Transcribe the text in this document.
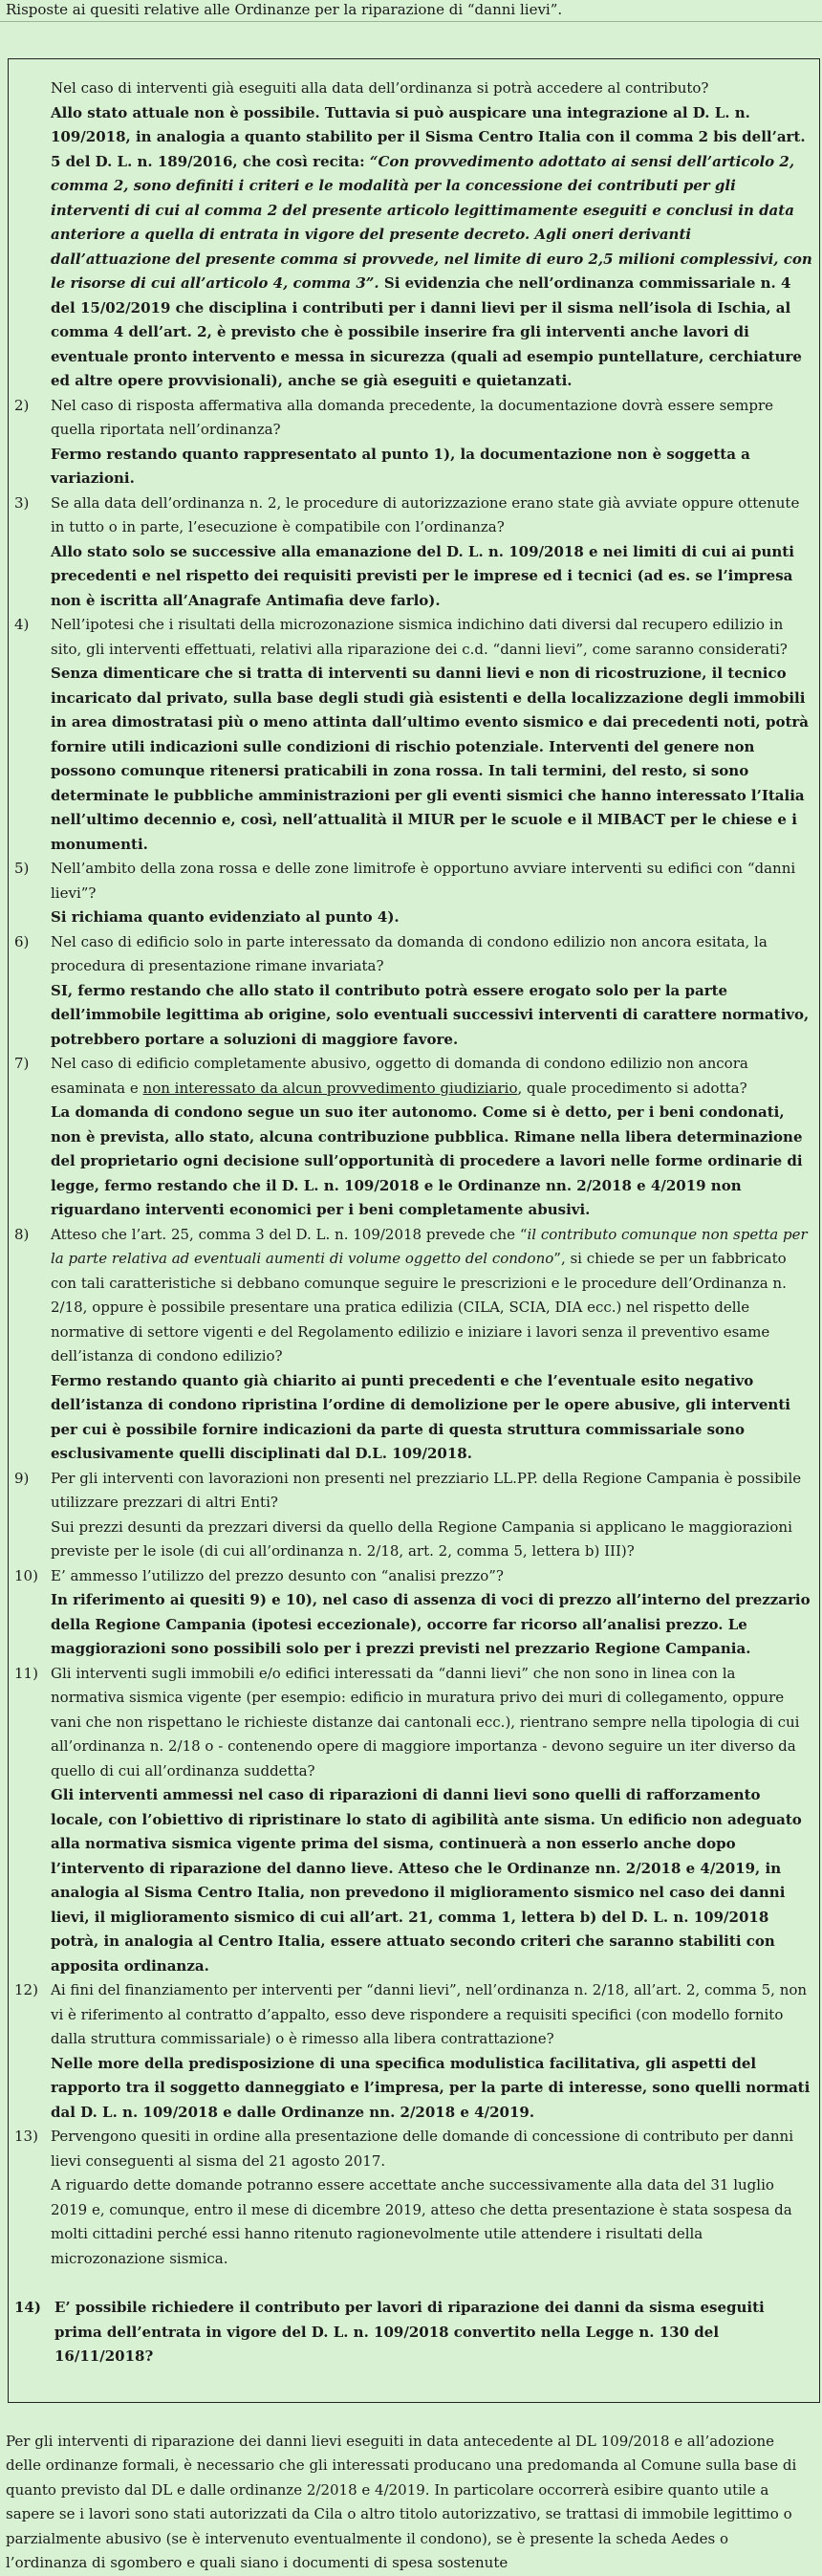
Risposte ai quesiti relative alle Ordinanze per la riparazione di “danni lievi”.

Nel caso di interventi già eseguiti alla data dell’ordinanza si potrà accedere al contributo?

Allo stato attuale non è possibile. Tuttavia si può auspicare una integrazione al D. L. n. 109/2018, in analogia a quanto stabilito per il Sisma Centro Italia con il comma 2 bis dell’art. 5 del D. L. n. 189/2016, che così recita: “Con provvedimento adottato ai sensi dell’articolo 2, comma 2, sono definiti i criteri e le modalità per la concessione dei contributi per gli interventi di cui al comma 2 del presente articolo legittimamente eseguiti e conclusi in data anteriore a quella di entrata in vigore del presente decreto. Agli oneri derivanti dall’attuazione del presente comma si provvede, nel limite di euro 2,5 milioni complessivi, con le risorse di cui all’articolo 4, comma 3”. Si evidenzia che nell’ordinanza commissariale n. 4 del 15/02/2019 che disciplina i contributi per i danni lievi per il sisma nell’isola di Ischia, al comma 4 dell’art. 2, è previsto che è possibile inserire fra gli interventi anche lavori di eventuale pronto intervento e messa in sicurezza (quali ad esempio puntellature, cerchiature ed altre opere provvisionali), anche se già eseguiti e quietanzati.

2)	Nel caso di risposta affermativa alla domanda precedente, la documentazione dovrà essere sempre quella riportata nell’ordinanza?

Fermo restando quanto rappresentato al punto 1), la documentazione non è soggetta a variazioni.

3)	Se alla data dell’ordinanza n. 2, le procedure di autorizzazione erano state già avviate oppure ottenute in tutto o in parte, l’esecuzione è compatibile con l’ordinanza?

Allo stato solo se successive alla emanazione del D. L. n. 109/2018 e nei limiti di cui ai punti precedenti e nel rispetto dei requisiti previsti per le imprese ed i tecnici (ad es. se l’impresa non è iscritta all’Anagrafe Antimafia deve farlo).

4)	Nell’ipotesi che i risultati della microzonazione sismica indichino dati diversi dal recupero edilizio in sito, gli interventi effettuati, relativi alla riparazione dei c.d. “danni lievi”, come saranno considerati?

Senza dimenticare che si tratta di interventi su danni lievi e non di ricostruzione, il tecnico incaricato dal privato, sulla base degli studi già esistenti e della localizzazione degli immobili in area dimostratasi più o meno attinta dall’ultimo evento sismico e dai precedenti noti, potrà fornire utili indicazioni sulle condizioni di rischio potenziale. Interventi del genere non possono comunque ritenersi praticabili in zona rossa. In tali termini, del resto, si sono determinate le pubbliche amministrazioni per gli eventi sismici che hanno interessato l’Italia nell’ultimo decennio e, così, nell’attualità il MIUR per le scuole e il MIBACT per le chiese e i monumenti.

5)	Nell’ambito della zona rossa e delle zone limitrofe è opportuno avviare interventi su edifici con “danni lievi”?

Si richiama quanto evidenziato al punto 4).

6)	Nel caso di edificio solo in parte interessato da domanda di condono edilizio non ancora esitata, la procedura di presentazione rimane invariata?

SI, fermo restando che allo stato il contributo potrà essere erogato solo per la parte dell’immobile legittima ab origine, solo eventuali successivi interventi di carattere normativo, potrebbero portare a soluzioni di maggiore favore.

7)	Nel caso di edificio completamente abusivo, oggetto di domanda di condono edilizio non ancora esaminata e non interessato da alcun provvedimento giudiziario, quale procedimento si adotta?

La domanda di condono segue un suo iter autonomo. Come si è detto, per i beni condonati, non è prevista, allo stato, alcuna contribuzione pubblica. Rimane nella libera determinazione del proprietario ogni decisione sull’opportunità di procedere a lavori nelle forme ordinarie di legge, fermo restando che il D. L. n. 109/2018 e le Ordinanze nn. 2/2018 e 4/2019 non riguardano interventi economici per i beni completamente abusivi.

8)	Atteso che l’art. 25, comma 3 del D. L. n. 109/2018 prevede che “il contributo comunque non spetta per la parte relativa ad eventuali aumenti di volume oggetto del condono”, si chiede se per un fabbricato con tali caratteristiche si debbano comunque seguire le prescrizioni e le procedure dell’Ordinanza n. 2/18, oppure è possibile presentare una pratica edilizia (CILA, SCIA, DIA ecc.) nel rispetto delle normative di settore vigenti e del Regolamento edilizio e iniziare i lavori senza il preventivo esame dell’istanza di condono edilizio?

Fermo restando quanto già chiarito ai punti precedenti e che l’eventuale esito negativo dell’istanza di condono ripristina l’ordine di demolizione per le opere abusive, gli interventi per cui è possibile fornire indicazioni da parte di questa struttura commissariale sono esclusivamente quelli disciplinati dal D.L. 109/2018.

9)	Per gli interventi con lavorazioni non presenti nel prezziario LL.PP. della Regione Campania è possibile utilizzare prezzari di altri Enti?

Sui prezzi desunti da prezzari diversi da quello della Regione Campania si applicano le maggiorazioni previste per le isole (di cui all’ordinanza n. 2/18, art. 2, comma 5, lettera b) III)?

10) E’ ammesso l’utilizzo del prezzo desunto con “analisi prezzo”?

In riferimento ai quesiti 9) e 10), nel caso di assenza di voci di prezzo all’interno del prezzario della Regione Campania (ipotesi eccezionale), occorre far ricorso all’analisi prezzo. Le maggiorazioni sono possibili solo per i prezzi previsti nel prezzario Regione Campania.

11) Gli interventi sugli immobili e/o edifici interessati da “danni lievi” che non sono in linea con la normativa sismica vigente (per esempio: edificio in muratura privo dei muri di collegamento, oppure vani che non rispettano le richieste distanze dai cantonali ecc.), rientrano sempre nella tipologia di cui all’ordinanza n. 2/18 o - contenendo opere di maggiore importanza - devono seguire un iter diverso da quello di cui all’ordinanza suddetta?

Gli interventi ammessi nel caso di riparazioni di danni lievi sono quelli di rafforzamento locale, con l’obiettivo di ripristinare lo stato di agibilità ante sisma. Un edificio non adeguato alla normativa sismica vigente prima del sisma, continuerà a non esserlo anche dopo l’intervento di riparazione del danno lieve. Atteso che le Ordinanze nn. 2/2018 e 4/2019, in analogia al Sisma Centro Italia, non prevedono il miglioramento sismico nel caso dei danni lievi, il miglioramento sismico di cui all’art. 21, comma 1, lettera b) del D. L. n. 109/2018 potrà, in analogia al Centro Italia, essere attuato secondo criteri che saranno stabiliti con apposita ordinanza.

12) Ai fini del finanziamento per interventi per “danni lievi”, nell’ordinanza n. 2/18, all’art. 2, comma 5, non vi è riferimento al contratto d’appalto, esso deve rispondere a requisiti specifici (con modello fornito dalla struttura commissariale) o è rimesso alla libera contrattazione?

Nelle more della predisposizione di una specifica modulistica facilitativa, gli aspetti del rapporto tra il soggetto danneggiato e l’impresa, per la parte di interesse, sono quelli normati dal D. L. n. 109/2018 e dalle Ordinanze nn. 2/2018 e 4/2019.

13) Pervengono quesiti in ordine alla presentazione delle domande di concessione di contributo per danni lievi conseguenti al sisma del 21 agosto 2017.

A riguardo dette domande potranno essere accettate anche successivamente alla data del 31 luglio 2019 e, comunque, entro il mese di dicembre 2019, atteso che detta presentazione è stata sospesa da molti cittadini perché essi hanno ritenuto ragionevolmente utile attendere i risultati della microzonazione sismica.

14) E’ possibile richiedere il contributo per lavori di riparazione dei danni da sisma eseguiti prima dell’entrata in vigore del D. L. n. 109/2018 convertito nella Legge n. 130 del 16/11/2018?
Per gli interventi di riparazione dei danni lievi eseguiti in data antecedente al DL 109/2018 e all’adozione delle ordinanze formali, è necessario che gli interessati producano una predomanda al Comune sulla base di quanto previsto dal DL e dalle ordinanze 2/2018 e 4/2019. In particolare occorrerà esibire quanto utile a sapere se i lavori sono stati autorizzati da Cila o altro titolo autorizzativo, se trattasi di immobile legittimo o parzialmente abusivo (se è intervenuto eventualmente il condono), se è presente la scheda Aedes o l’ordinanza di sgombero e quali siano i documenti di spesa sostenute
